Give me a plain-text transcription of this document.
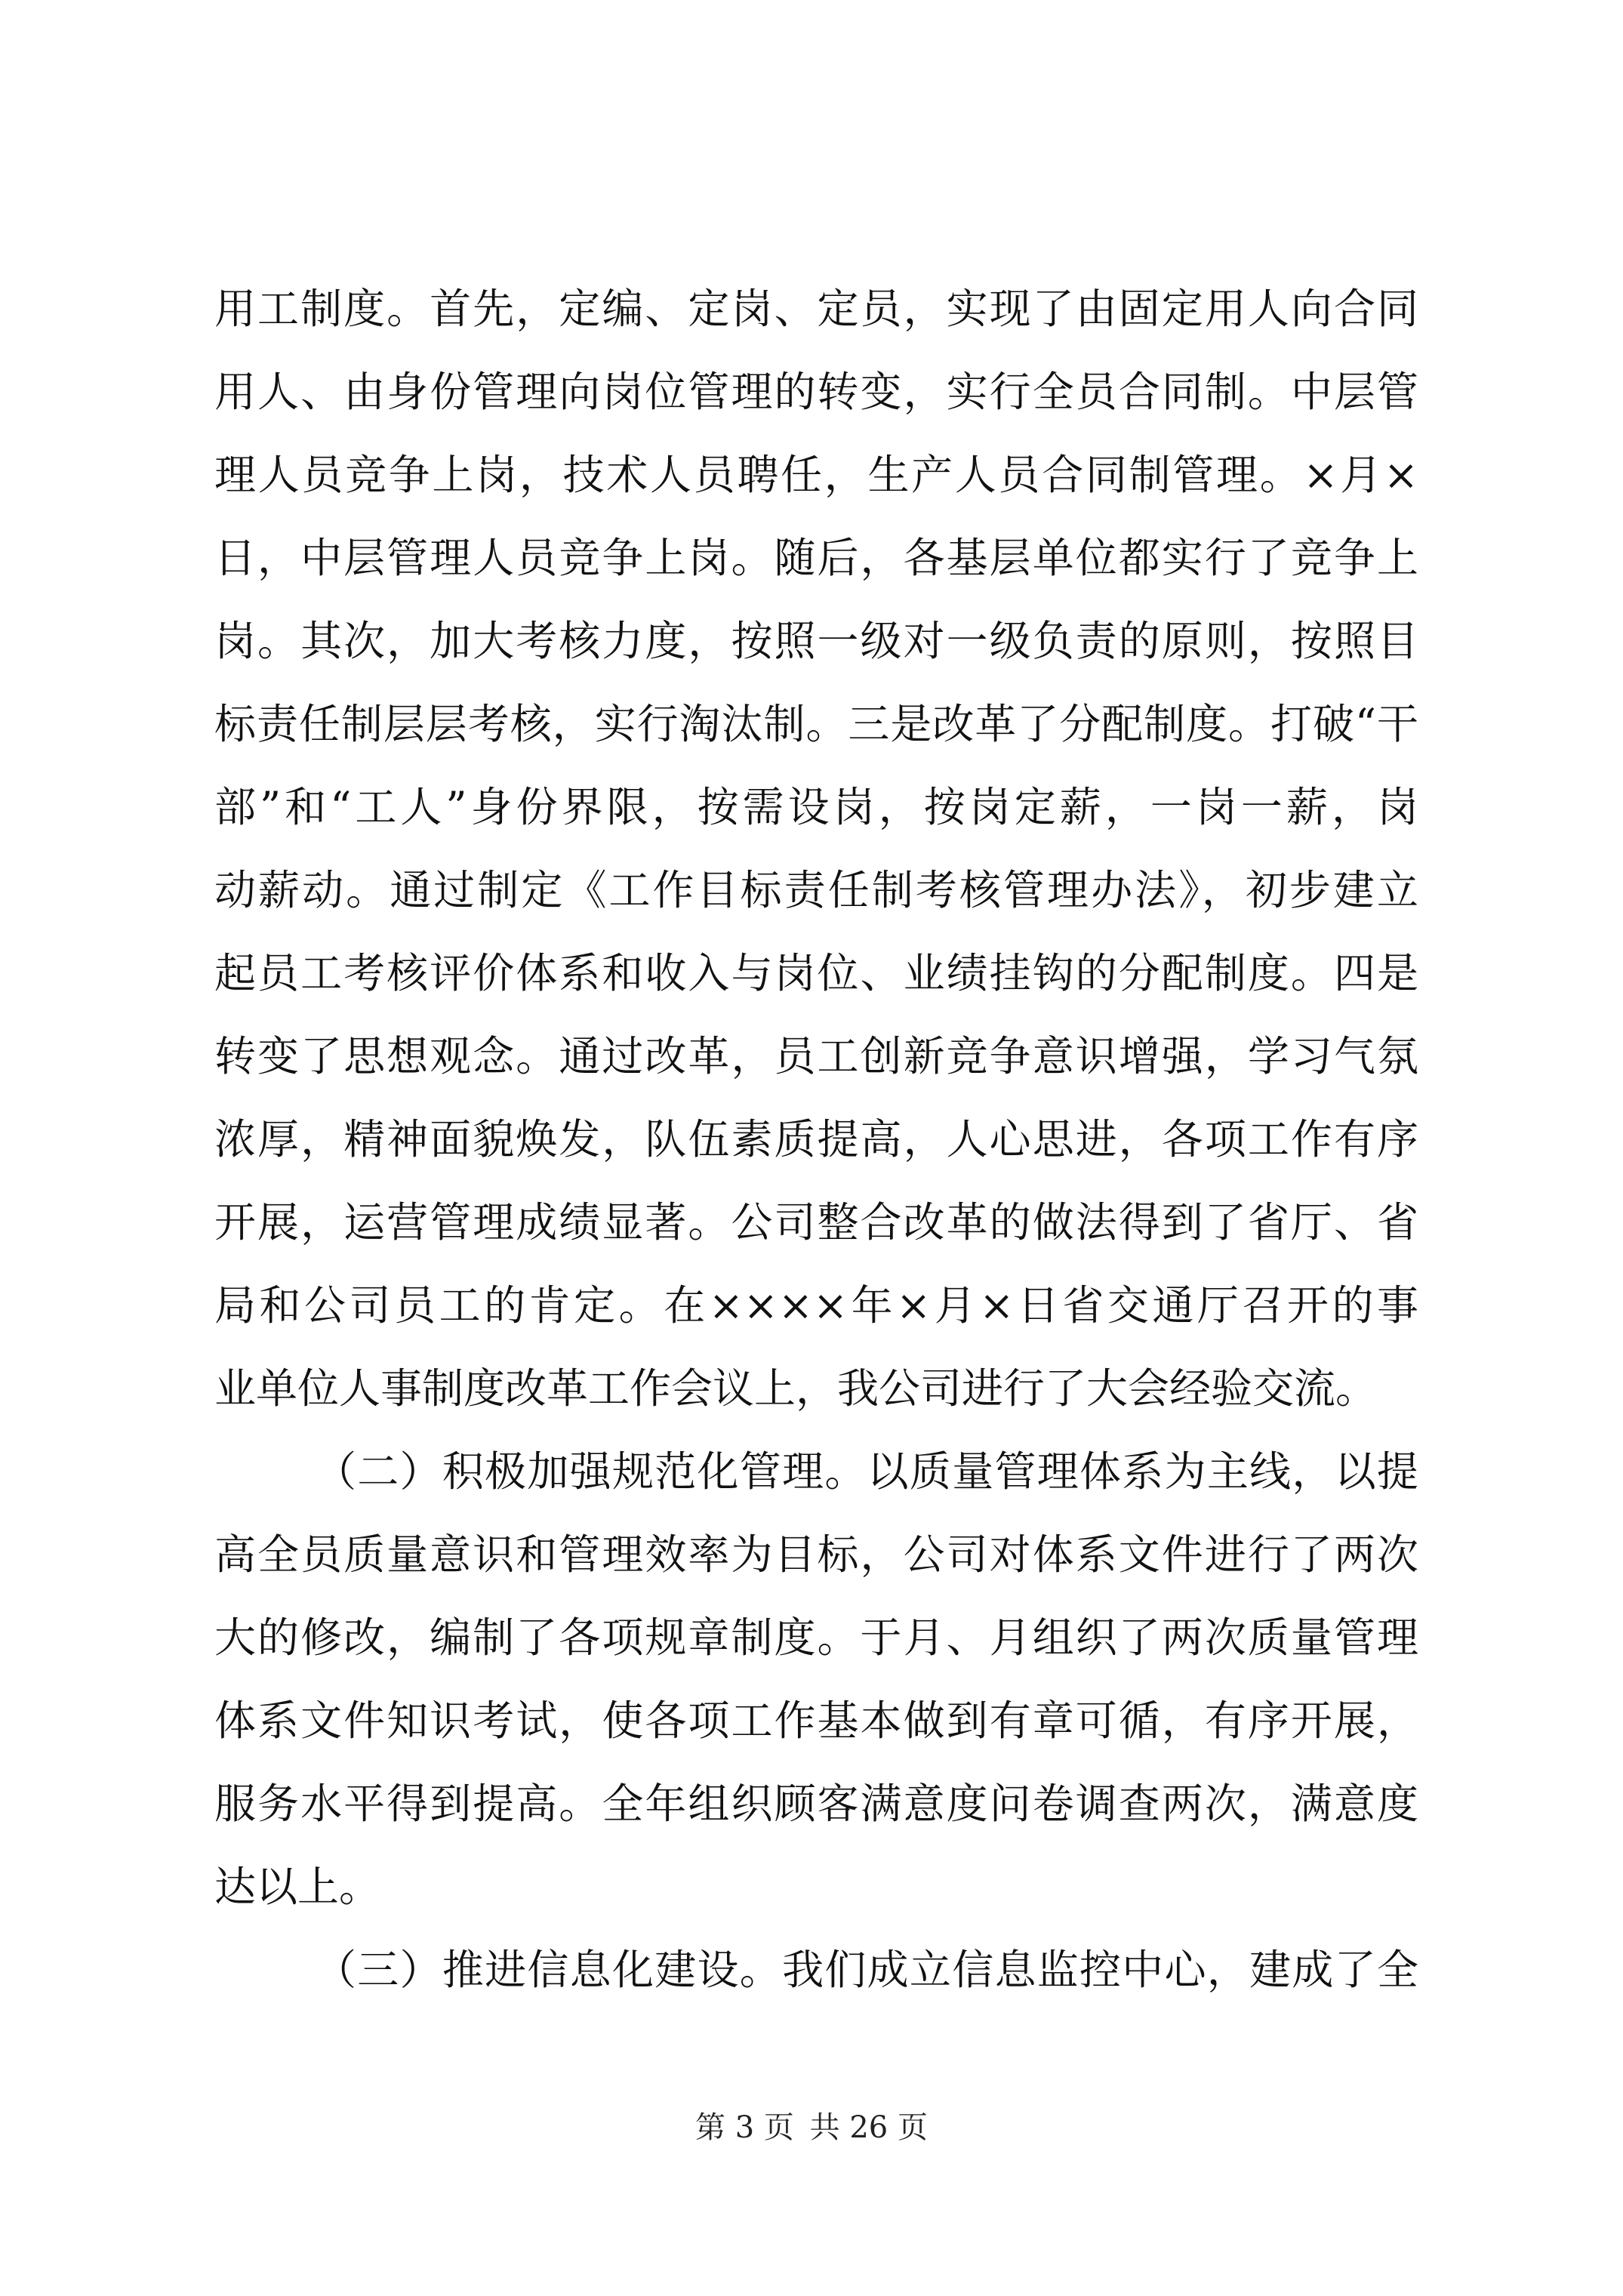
用工制度。首先，定编、定岗、定员，实现了由固定用人向合同
用人、由身份管理向岗位管理的转变，实行全员合同制。中层管
理人员竞争上岗，技术人员聘任，生产人员合同制管理。×月×
日，中层管理人员竞争上岗。随后，各基层单位都实行了竞争上
岗。其次，加大考核力度，按照一级对一级负责的原则，按照目
标责任制层层考核，实行淘汰制。三是改革了分配制度。打破“干
部”和“工人”身份界限，按需设岗，按岗定薪，一岗一薪，岗
动薪动。通过制定《工作目标责任制考核管理办法》，初步建立
起员工考核评价体系和收入与岗位、业绩挂钩的分配制度。四是
转变了思想观念。通过改革，员工创新竞争意识增强，学习气氛
浓厚，精神面貌焕发，队伍素质提高，人心思进，各项工作有序
开展，运营管理成绩显著。公司整合改革的做法得到了省厅、省
局和公司员工的肯定。在××××年×月×日省交通厅召开的事
业单位人事制度改革工作会议上，我公司进行了大会经验交流。
（二）积极加强规范化管理。以质量管理体系为主线，以提
高全员质量意识和管理效率为目标，公司对体系文件进行了两次
大的修改，编制了各项规章制度。于月、月组织了两次质量管理
体系文件知识考试，使各项工作基本做到有章可循，有序开展，
服务水平得到提高。全年组织顾客满意度问卷调查两次，满意度
达以上。
（三）推进信息化建设。我们成立信息监控中心，建成了全
第 3 页 共 26 页
